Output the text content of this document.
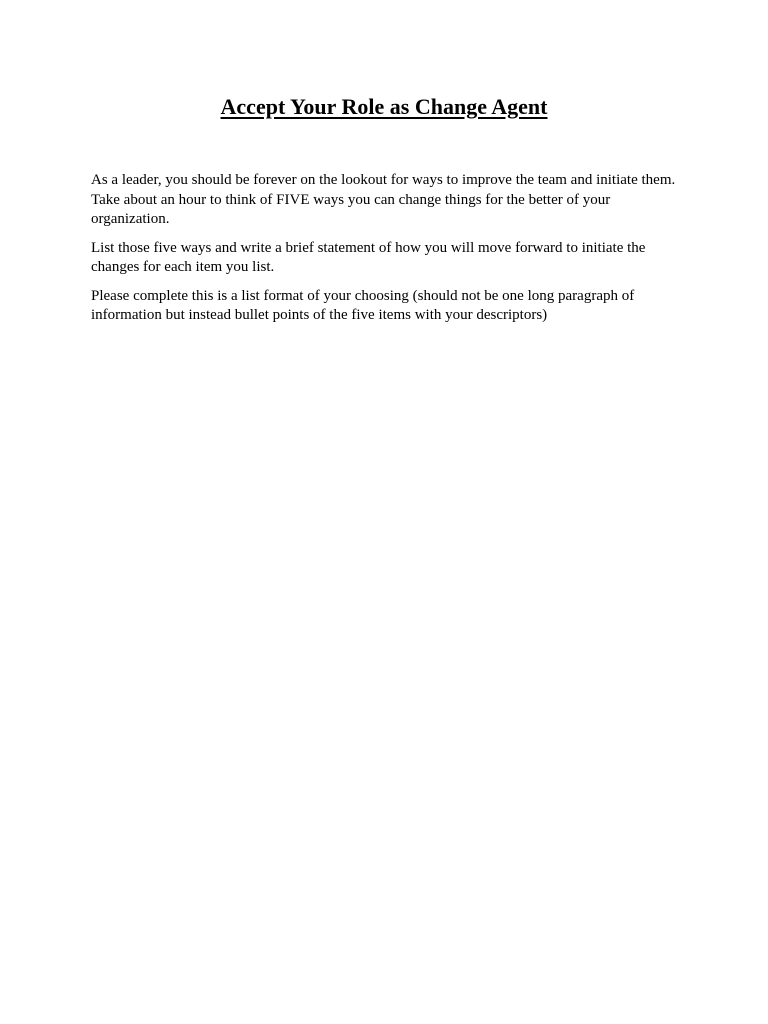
Accept Your Role as Change Agent

As a leader, you should be forever on the lookout for ways to improve the team and initiate them.
Take about an hour to think of FIVE ways you can change things for the better of your
organization.

List those five ways and write a brief statement of how you will move forward to initiate the
changes for each item you list.

Please complete this is a list format of your choosing (should not be one long paragraph of
information but instead bullet points of the five items with your descriptors)
